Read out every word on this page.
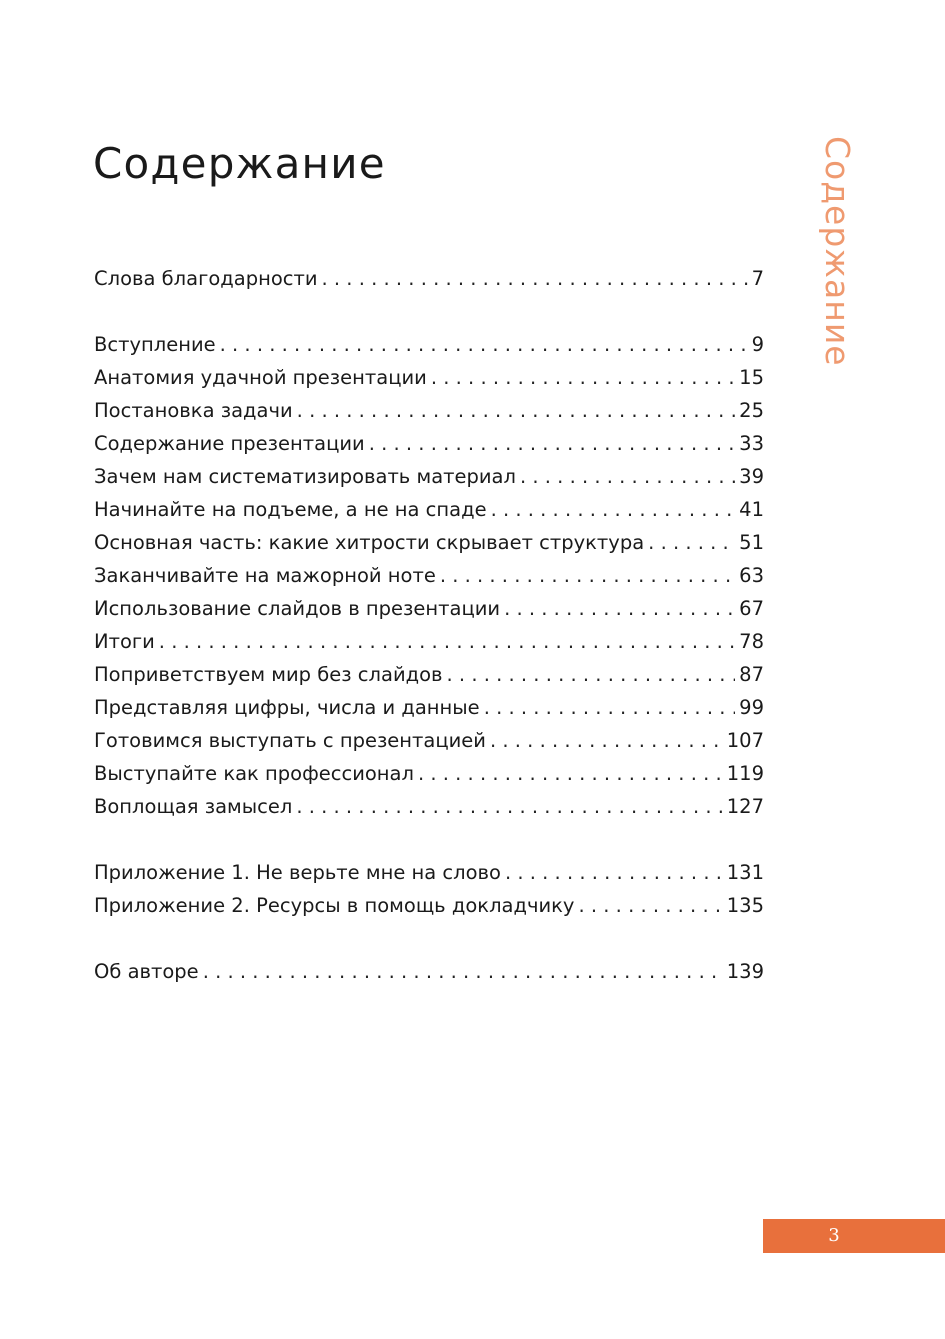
Содержание	Содержание
Слова благодарности . . .	7
Вступление . . .	9
Анатомия удачной презентации . . .	15
Постановка задачи . . .	25
Содержание презентации . . .	33
Зачем нам систематизировать материал . . .	39
Начинайте на подъеме, а не на спаде . . .	41
Основная часть: какие хитрости скрывает структура . . .	51
Заканчивайте на мажорной ноте . . .	63
Использование слайдов в презентации . . .	67
Итоги . . .	78
Поприветствуем мир без слайдов . . .	87
Представляя цифры, числа и данные . . .	99
Готовимся выступать с презентацией . . .	107
Выступайте как профессионал . . .	119
Воплощая замысел . . .	127
Приложение 1. Не верьте мне на слово . . .	131
Приложение 2. Ресурсы в помощь докладчику . . .	135
Об авторе . . .	139
3
